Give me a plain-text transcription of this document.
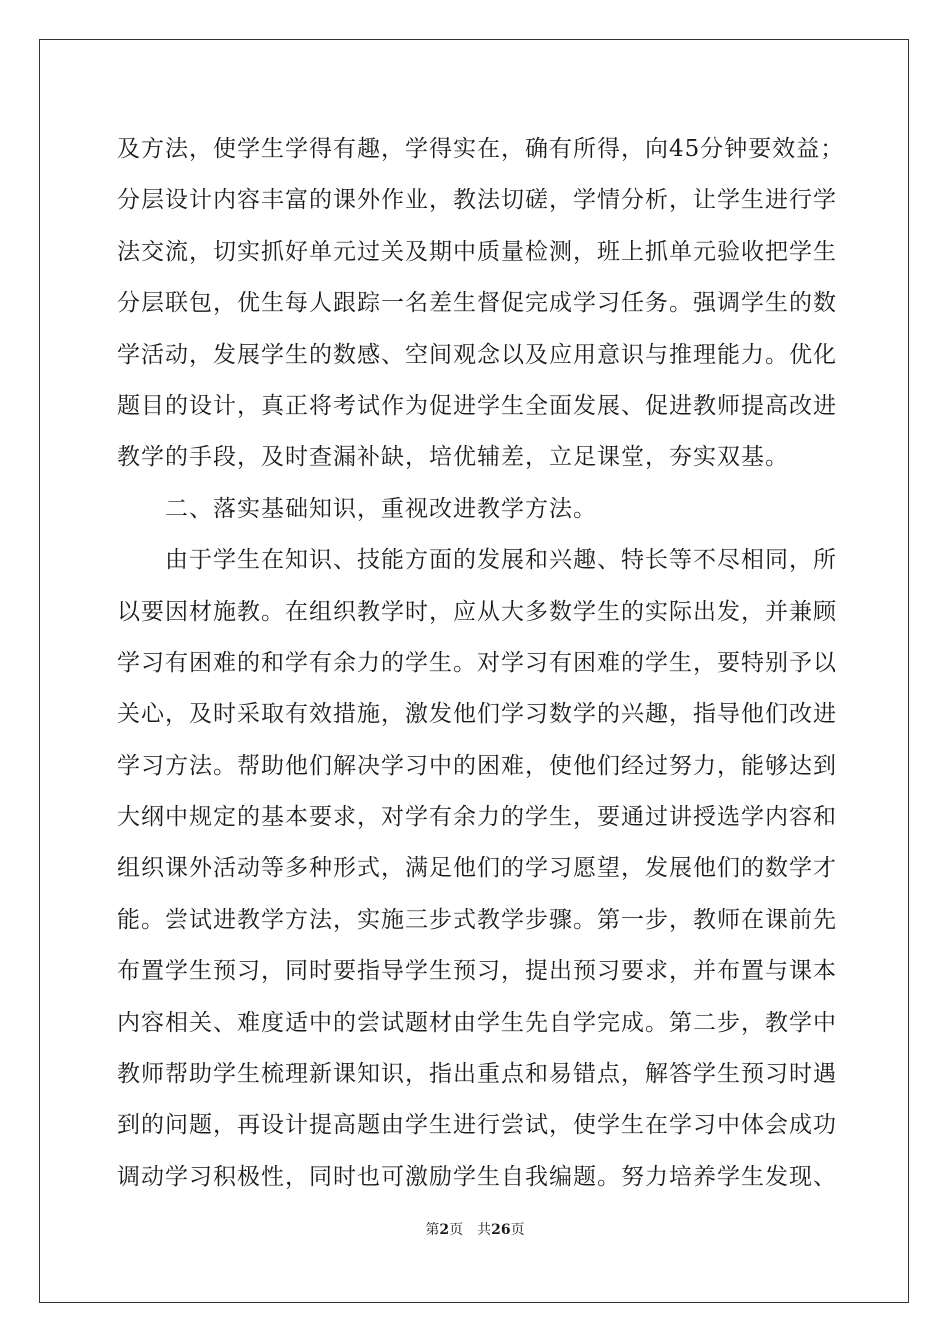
及方法，使学生学得有趣，学得实在，确有所得，向45分钟要效益；
分层设计内容丰富的课外作业，教法切磋，学情分析，让学生进行学
法交流，切实抓好单元过关及期中质量检测，班上抓单元验收把学生
分层联包，优生每人跟踪一名差生督促完成学习任务。强调学生的数
学活动，发展学生的数感、空间观念以及应用意识与推理能力。优化
题目的设计，真正将考试作为促进学生全面发展、促进教师提高改进
教学的手段，及时查漏补缺，培优辅差，立足课堂，夯实双基。
二、落实基础知识，重视改进教学方法。
由于学生在知识、技能方面的发展和兴趣、特长等不尽相同，所
以要因材施教。在组织教学时，应从大多数学生的实际出发，并兼顾
学习有困难的和学有余力的学生。对学习有困难的学生，要特别予以
关心，及时采取有效措施，激发他们学习数学的兴趣，指导他们改进
学习方法。帮助他们解决学习中的困难，使他们经过努力，能够达到
大纲中规定的基本要求，对学有余力的学生，要通过讲授选学内容和
组织课外活动等多种形式，满足他们的学习愿望，发展他们的数学才
能。尝试进教学方法，实施三步式教学步骤。第一步，教师在课前先
布置学生预习，同时要指导学生预习，提出预习要求，并布置与课本
内容相关、难度适中的尝试题材由学生先自学完成。第二步，教学中
教师帮助学生梳理新课知识，指出重点和易错点，解答学生预习时遇
到的问题，再设计提高题由学生进行尝试，使学生在学习中体会成功
调动学习积极性，同时也可激励学生自我编题。努力培养学生发现、
第2页 共26页
